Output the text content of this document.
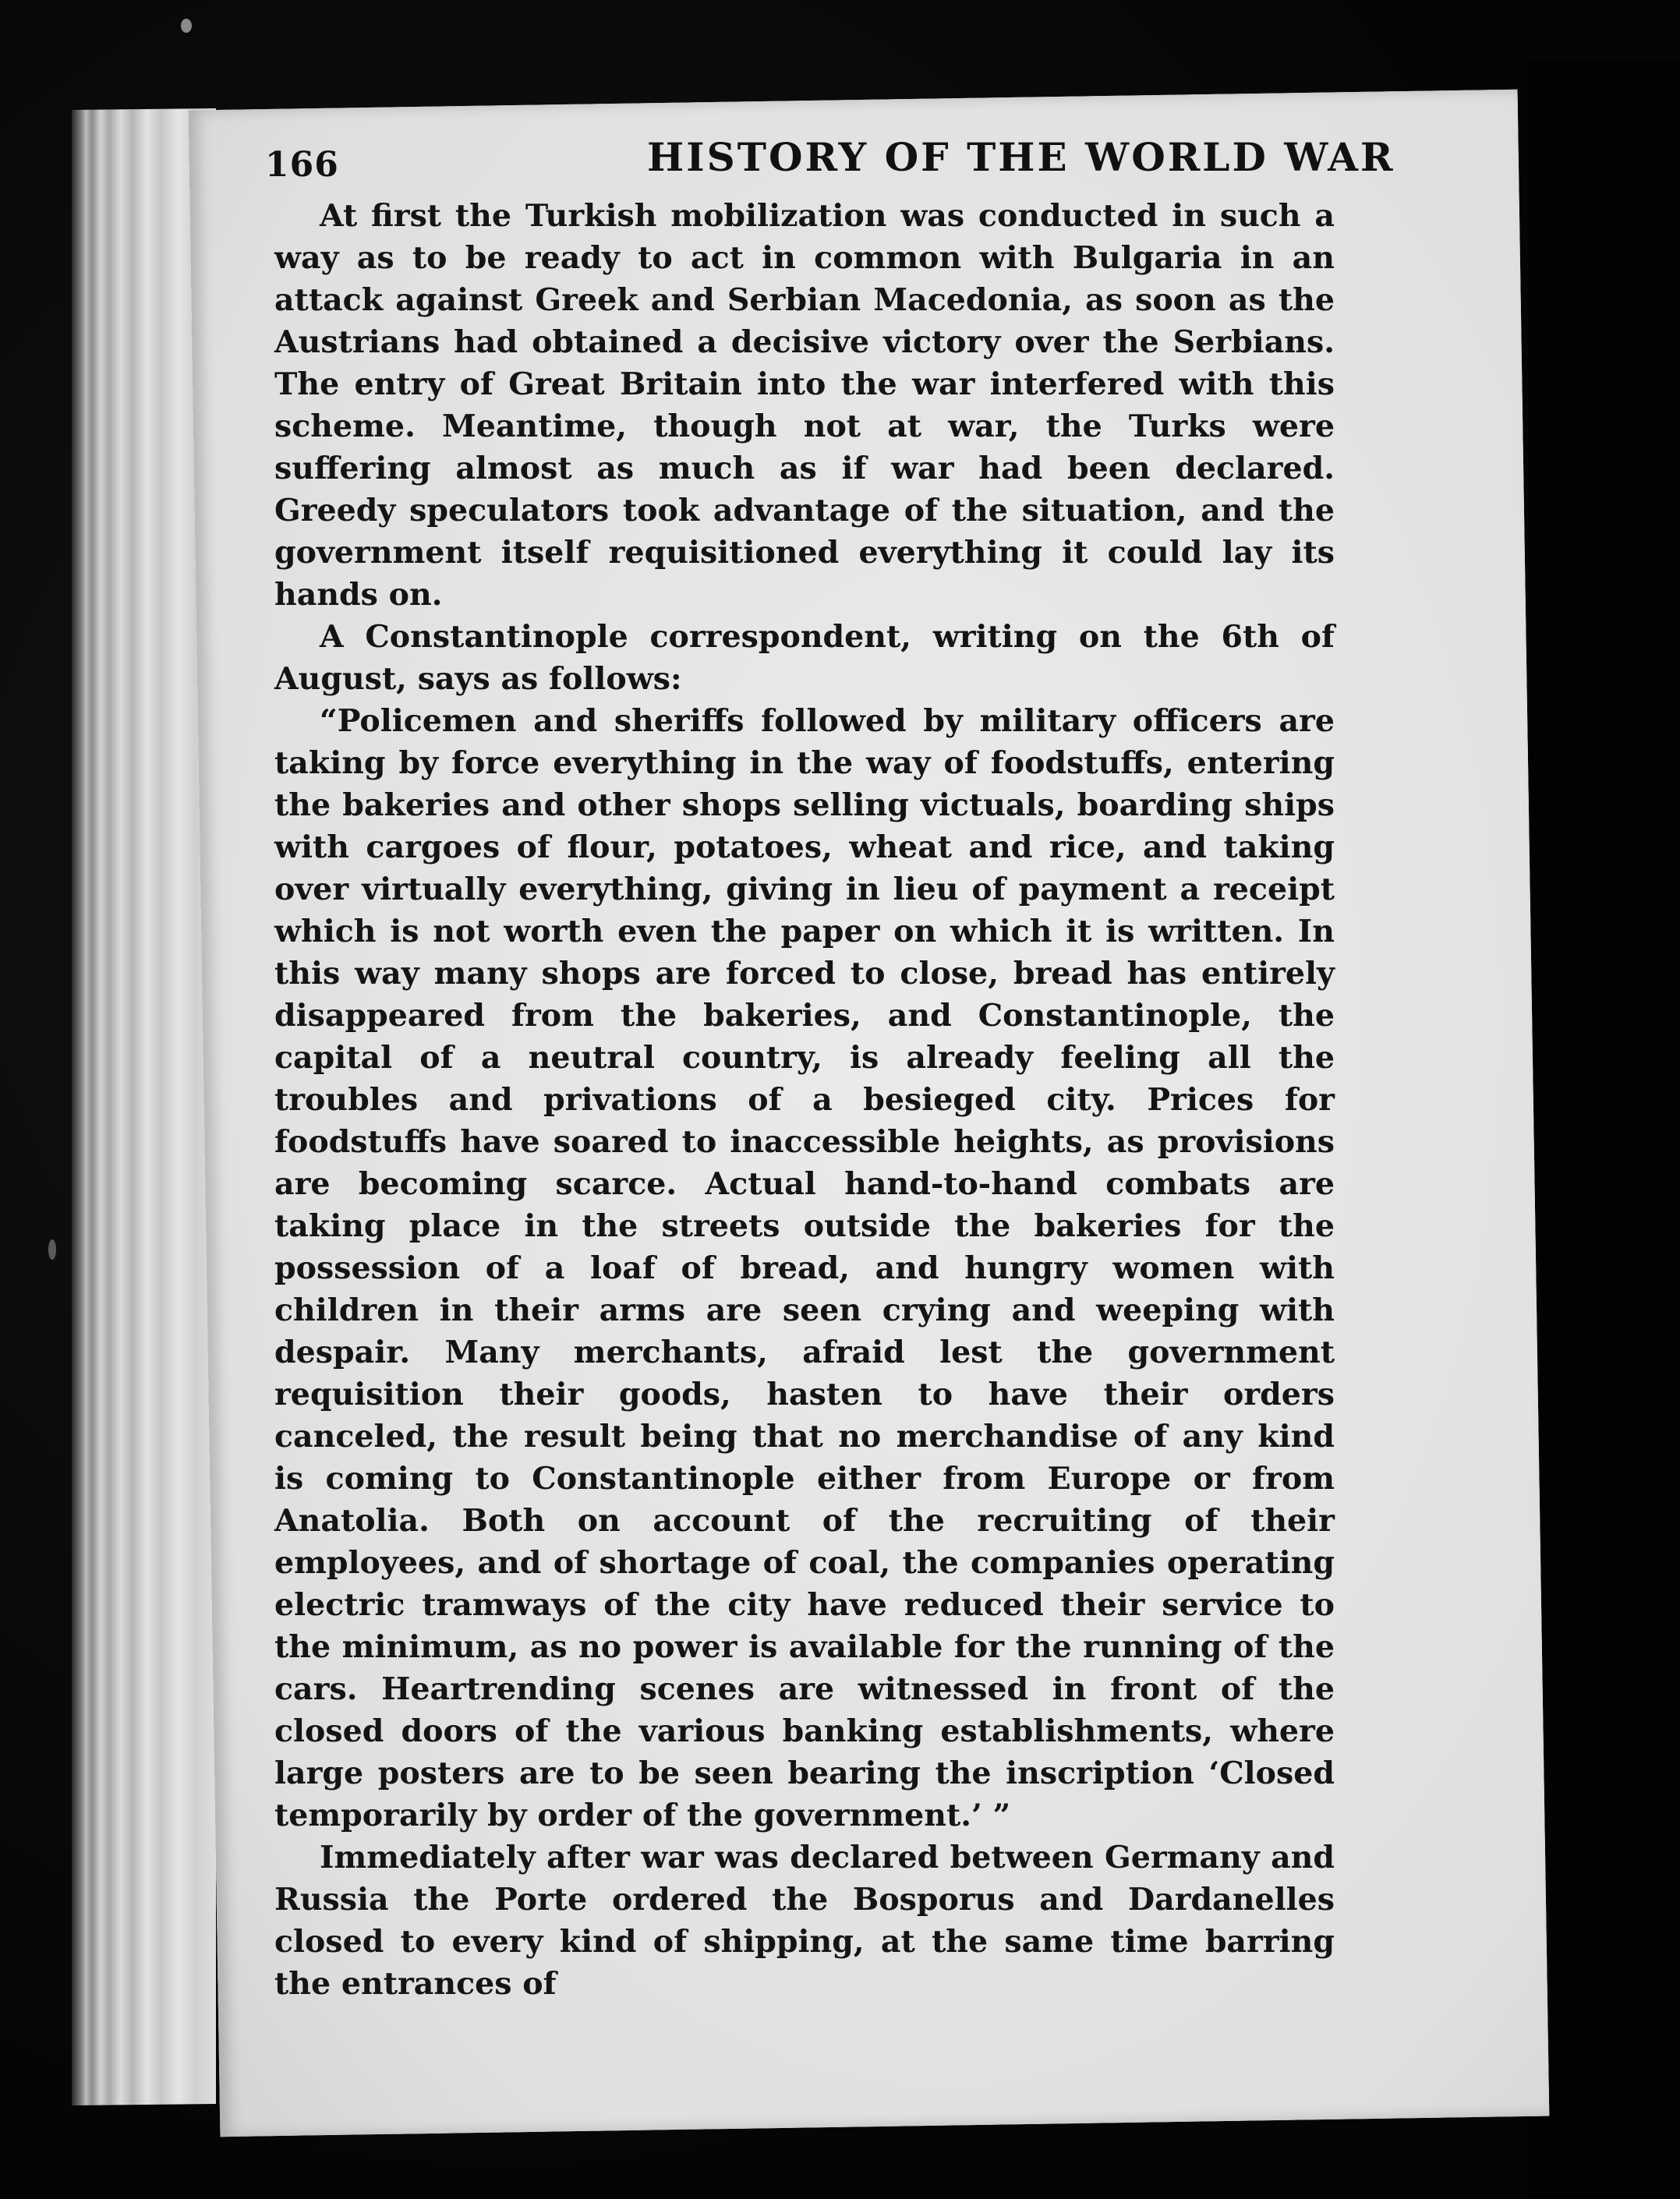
166	HISTORY OF THE WORLD WAR

At first the Turkish mobilization was conducted in such a way as to be ready to act in common with Bulgaria in an attack against Greek and Serbian Macedonia, as soon as the Austrians had obtained a decisive victory over the Serbians. The entry of Great Britain into the war interfered with this scheme. Meantime, though not at war, the Turks were suffering almost as much as if war had been declared. Greedy speculators took advantage of the situation, and the government itself requisitioned everything it could lay its hands on.

A Constantinople correspondent, writing on the 6th of August, says as follows:

“Policemen and sheriffs followed by military officers are taking by force everything in the way of foodstuffs, entering the bakeries and other shops selling victuals, boarding ships with cargoes of flour, potatoes, wheat and rice, and taking over virtually everything, giving in lieu of payment a receipt which is not worth even the paper on which it is written. In this way many shops are forced to close, bread has entirely disappeared from the bakeries, and Constantinople, the capital of a neutral country, is already feeling all the troubles and privations of a besieged city. Prices for foodstuffs have soared to inaccessible heights, as provisions are becoming scarce. Actual hand-to-hand combats are taking place in the streets outside the bakeries for the possession of a loaf of bread, and hungry women with children in their arms are seen crying and weeping with despair. Many merchants, afraid lest the government requisition their goods, hasten to have their orders canceled, the result being that no merchandise of any kind is coming to Constantinople either from Europe or from Anatolia. Both on account of the recruiting of their employees, and of shortage of coal, the companies operating electric tramways of the city have reduced their service to the minimum, as no power is available for the running of the cars. Heartrending scenes are witnessed in front of the closed doors of the various banking establishments, where large posters are to be seen bearing the inscription ‘Closed temporarily by order of the government.’ ”

Immediately after war was declared between Germany and Russia the Porte ordered the Bosporus and Dardanelles closed to every kind of shipping, at the same time barring the entrances of
